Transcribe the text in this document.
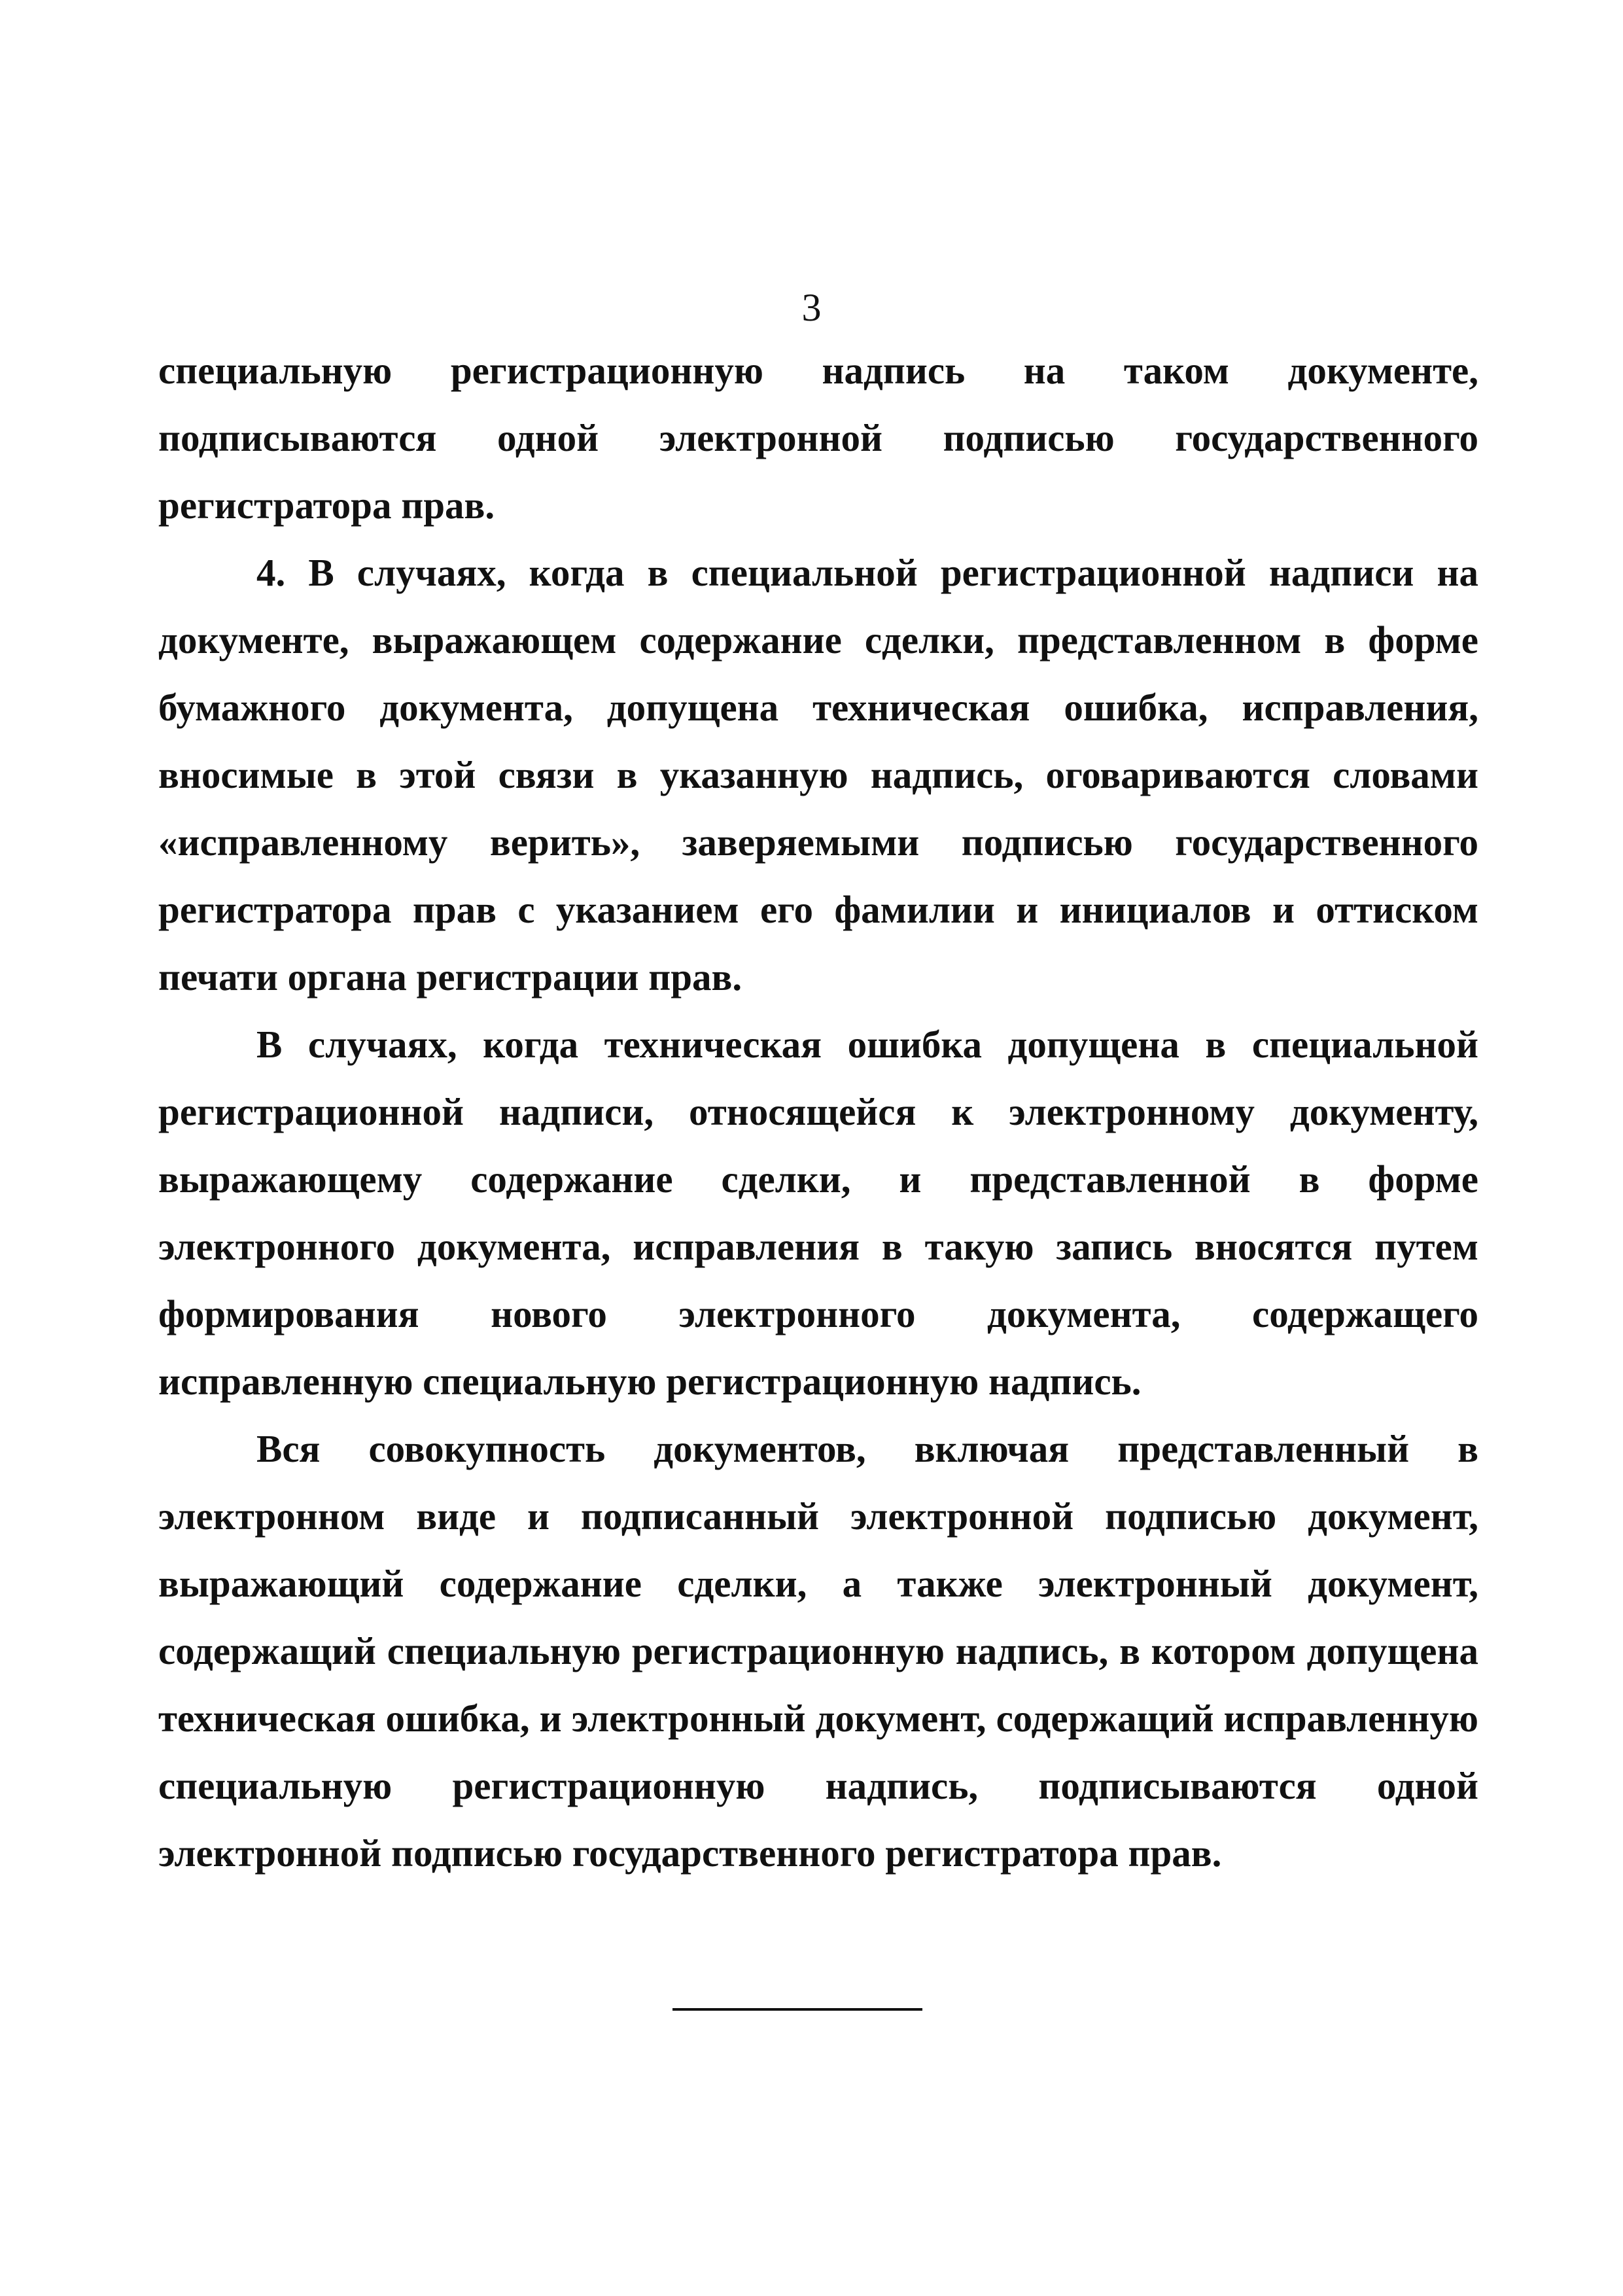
3

специальную регистрационную надпись на таком документе, подписываются одной электронной подписью государственного регистратора прав.

4. В случаях, когда в специальной регистрационной надписи на документе, выражающем содержание сделки, представленном в форме бумажного документа, допущена техническая ошибка, исправления, вносимые в этой связи в указанную надпись, оговариваются словами «исправленному верить», заверяемыми подписью государственного регистратора прав с указанием его фамилии и инициалов и оттиском печати органа регистрации прав.

В случаях, когда техническая ошибка допущена в специальной регистрационной надписи, относящейся к электронному документу, выражающему содержание сделки, и представленной в форме электронного документа, исправления в такую запись вносятся путем формирования нового электронного документа, содержащего исправленную специальную регистрационную надпись.

Вся совокупность документов, включая представленный в электронном виде и подписанный электронной подписью документ, выражающий содержание сделки, а также электронный документ, содержащий специальную регистрационную надпись, в котором допущена техническая ошибка, и электронный документ, содержащий исправленную специальную регистрационную надпись, подписываются одной электронной подписью государственного регистратора прав.
